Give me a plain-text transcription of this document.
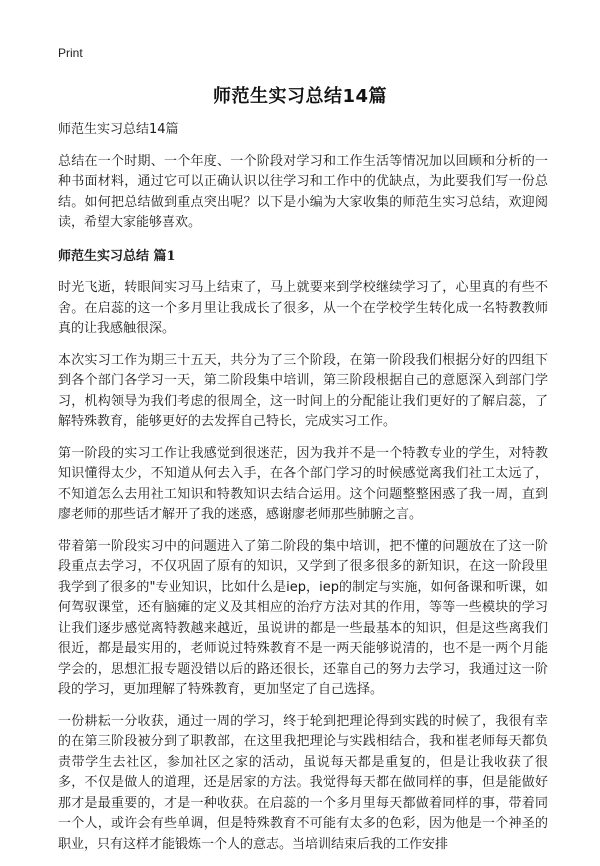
Print
师范生实习总结14篇

师范生实习总结14篇

总结在一个时期、一个年度、一个阶段对学习和工作生活等情况加以回顾和分析的一种书面材料，通过它可以正确认识以往学习和工作中的优缺点，为此要我们写一份总结。如何把总结做到重点突出呢？以下是小编为大家收集的师范生实习总结，欢迎阅读，希望大家能够喜欢。

师范生实习总结 篇1

时光飞逝，转眼间实习马上结束了，马上就要来到学校继续学习了，心里真的有些不舍。在启蕊的这一个多月里让我成长了很多，从一个在学校学生转化成一名特教教师真的让我感触很深。

本次实习工作为期三十五天，共分为了三个阶段，在第一阶段我们根据分好的四组下到各个部门各学习一天，第二阶段集中培训，第三阶段根据自己的意愿深入到部门学习，机构领导为我们考虑的很周全，这一时间上的分配能让我们更好的了解启蕊，了解特殊教育，能够更好的去发挥自己特长，完成实习工作。

第一阶段的实习工作让我感觉到很迷茫，因为我并不是一个特教专业的学生，对特教知识懂得太少，不知道从何去入手，在各个部门学习的时候感觉离我们社工太远了，不知道怎么去用社工知识和特教知识去结合运用。这个问题整整困惑了我一周，直到廖老师的那些话才解开了我的迷惑，感谢廖老师那些肺腑之言。

带着第一阶段实习中的问题进入了第二阶段的集中培训，把不懂的问题放在了这一阶段重点去学习，不仅巩固了原有的知识，又学到了很多很多的新知识，在这一阶段里我学到了很多的"专业知识，比如什么是iep，iep的制定与实施，如何备课和听课，如何驾驭课堂，还有脑瘫的定义及其相应的治疗方法对其的作用，等等一些模块的学习让我们逐步感觉离特教越来越近，虽说讲的都是一些最基本的知识，但是这些离我们很近，都是最实用的，老师说过特殊教育不是一两天能够说清的，也不是一两个月能学会的，思想汇报专题没错以后的路还很长，还靠自己的努力去学习，我通过这一阶段的学习，更加理解了特殊教育，更加坚定了自己选择。

一份耕耘一分收获，通过一周的学习，终于轮到把理论得到实践的时候了，我很有幸的在第三阶段被分到了职教部，在这里我把理论与实践相结合，我和崔老师每天都负责带学生去社区，参加社区之家的活动，虽说每天都是重复的，但是让我收获了很多，不仅是做人的道理，还是居家的方法。我觉得每天都在做同样的事，但是能做好那才是最重要的，才是一种收获。在启蕊的一个多月里每天都做着同样的事，带着同一个人，或许会有些单调，但是特殊教育不可能有太多的色彩，因为他是一个神圣的职业，只有这样才能锻炼一个人的意志。当培训结束后我的工作安排
